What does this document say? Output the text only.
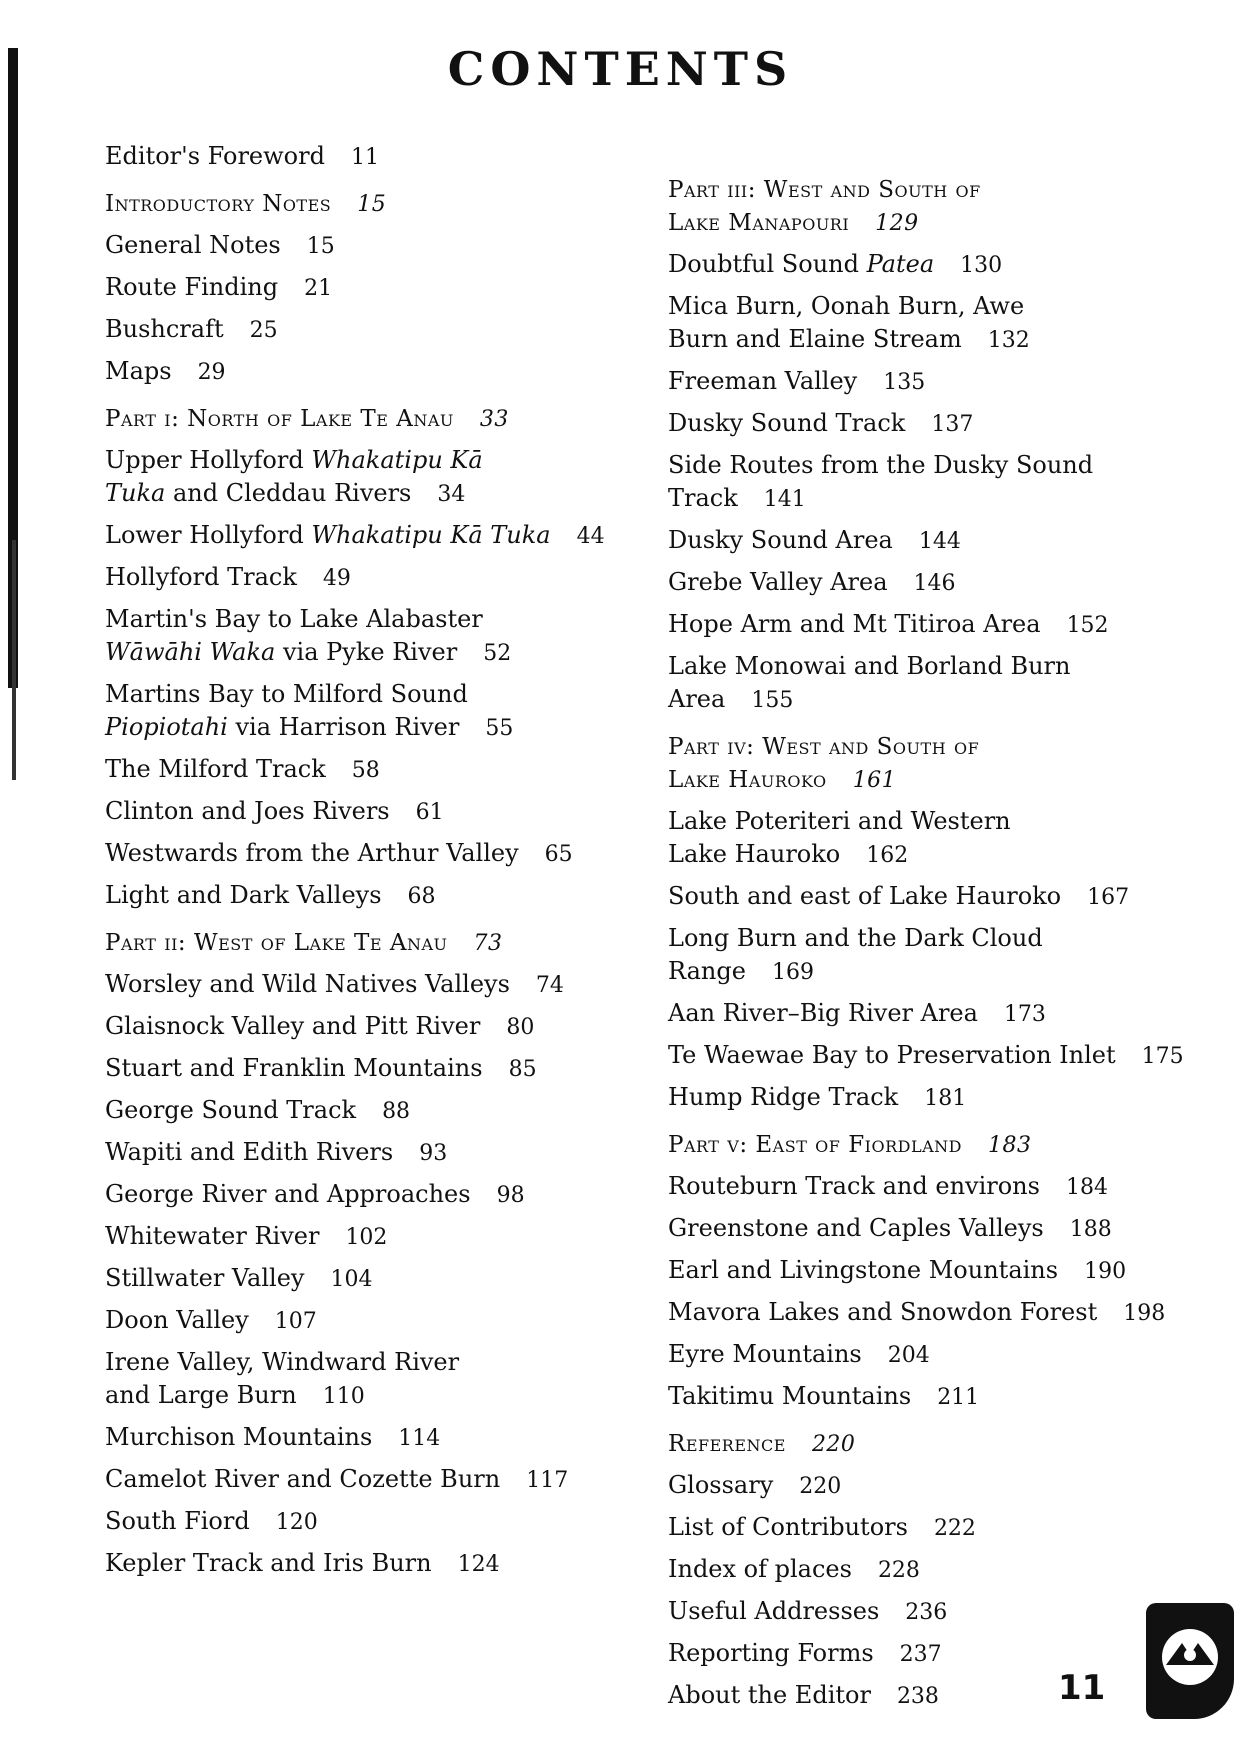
CONTENTS
Editor's Foreword 11
Introductory Notes 15
General Notes 15
Route Finding 21
Bushcraft 25
Maps 29
Part i: North of Lake Te Anau 33
Upper Hollyford Whakatipu Kā
Tuka and Cleddau Rivers 34
Lower Hollyford Whakatipu Kā Tuka 44
Hollyford Track 49
Martin's Bay to Lake Alabaster
Wāwāhi Waka via Pyke River 52
Martins Bay to Milford Sound
Piopiotahi via Harrison River 55
The Milford Track 58
Clinton and Joes Rivers 61
Westwards from the Arthur Valley 65
Light and Dark Valleys 68
Part ii: West of Lake Te Anau 73
Worsley and Wild Natives Valleys 74
Glaisnock Valley and Pitt River 80
Stuart and Franklin Mountains 85
George Sound Track 88
Wapiti and Edith Rivers 93
George River and Approaches 98
Whitewater River 102
Stillwater Valley 104
Doon Valley 107
Irene Valley, Windward River
and Large Burn 110
Murchison Mountains 114
Camelot River and Cozette Burn 117
South Fiord 120
Kepler Track and Iris Burn 124
Part iii: West and South of
Lake Manapouri 129
Doubtful Sound Patea 130
Mica Burn, Oonah Burn, Awe
Burn and Elaine Stream 132
Freeman Valley 135
Dusky Sound Track 137
Side Routes from the Dusky Sound Track 141
Dusky Sound Area 144
Grebe Valley Area 146
Hope Arm and Mt Titiroa Area 152
Lake Monowai and Borland Burn Area 155
Part iv: West and South of
Lake Hauroko 161
Lake Poteriteri and Western
Lake Hauroko 162
South and east of Lake Hauroko 167
Long Burn and the Dark Cloud Range 169
Aan River–Big River Area 173
Te Waewae Bay to Preservation Inlet 175
Hump Ridge Track 181
Part v: East of Fiordland 183
Routeburn Track and environs 184
Greenstone and Caples Valleys 188
Earl and Livingstone Mountains 190
Mavora Lakes and Snowdon Forest 198
Eyre Mountains 204
Takitimu Mountains 211
Reference 220
Glossary 220
List of Contributors 222
Index of places 228
Useful Addresses 236
Reporting Forms 237
About the Editor 238	11
